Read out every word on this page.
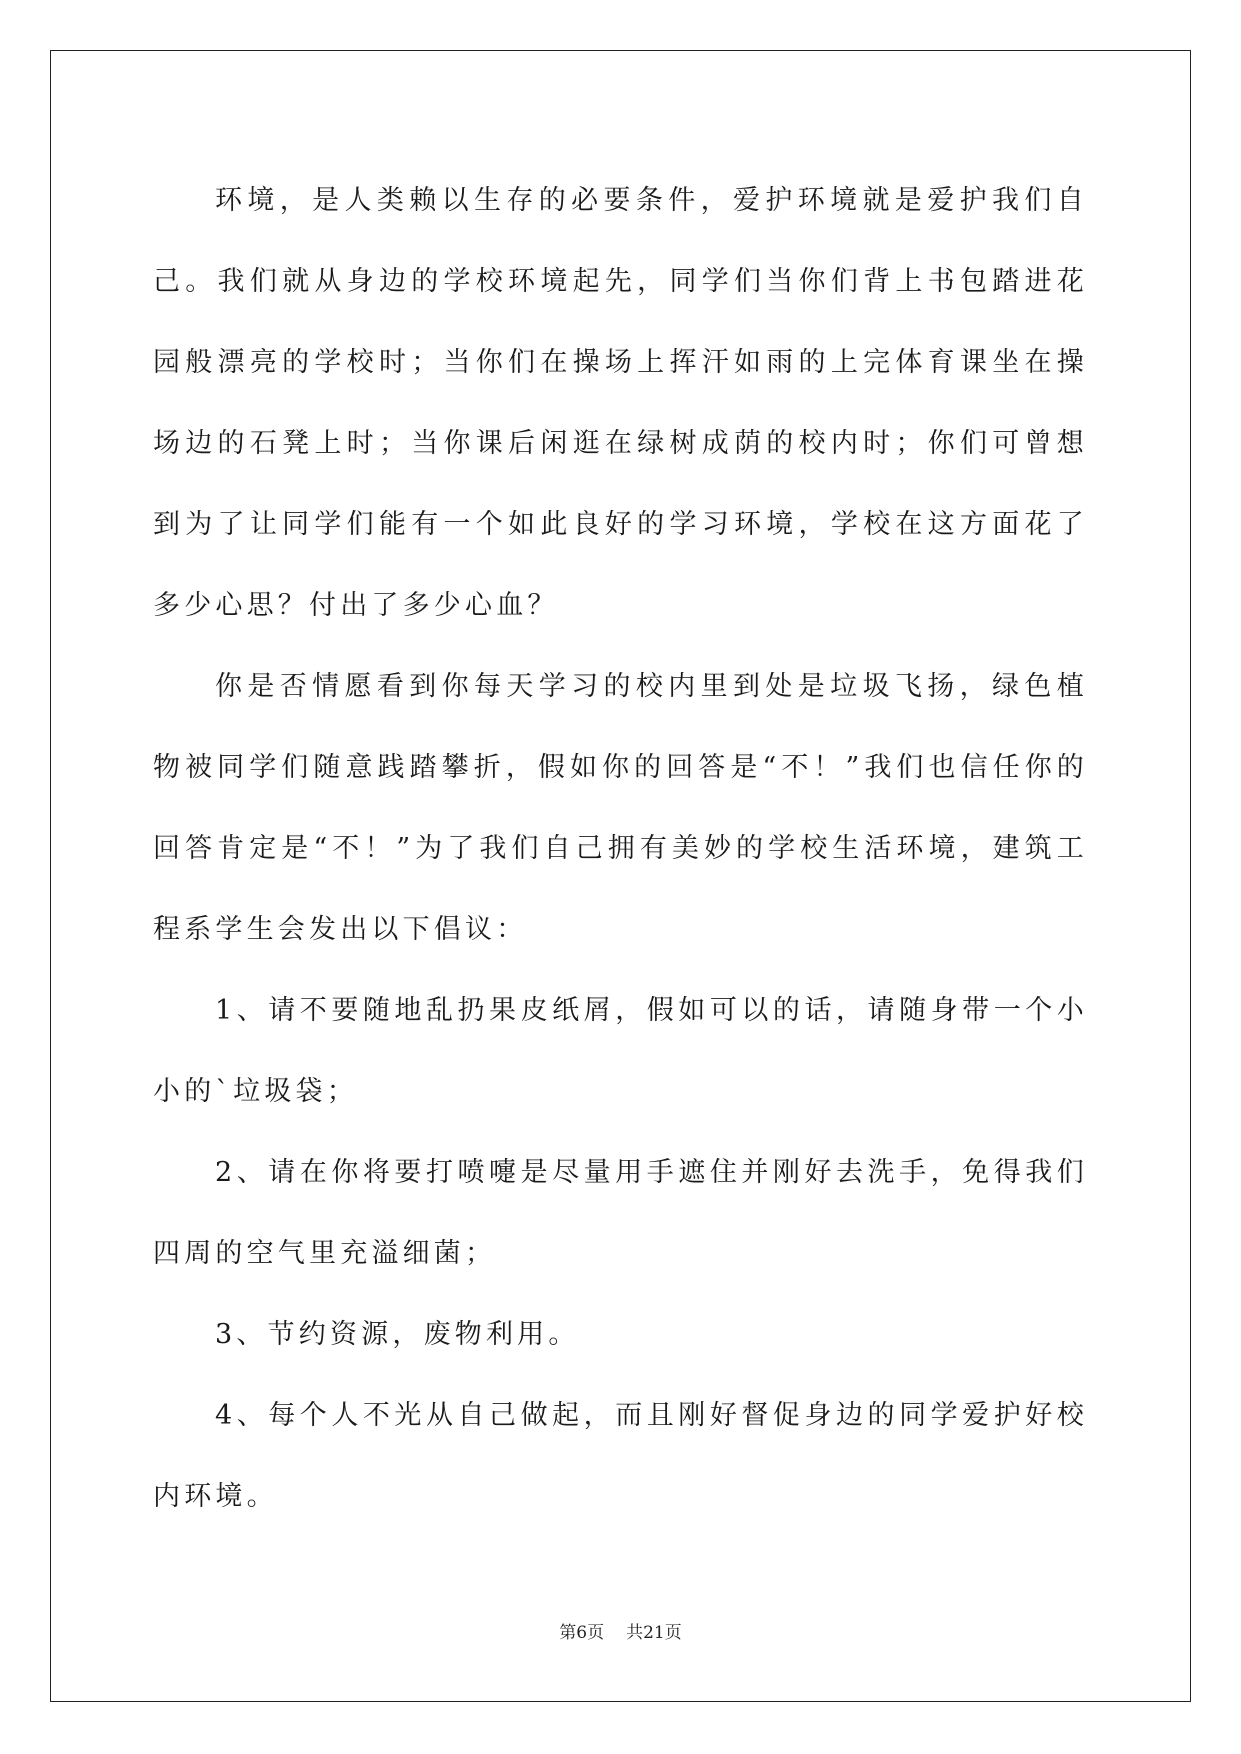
环境，是人类赖以生存的必要条件，爱护环境就是爱护我们自己。我们就从身边的学校环境起先，同学们当你们背上书包踏进花园般漂亮的学校时；当你们在操场上挥汗如雨的上完体育课坐在操场边的石凳上时；当你课后闲逛在绿树成荫的校内时；你们可曾想到为了让同学们能有一个如此良好的学习环境，学校在这方面花了多少心思？付出了多少心血？

你是否情愿看到你每天学习的校内里到处是垃圾飞扬，绿色植物被同学们随意践踏攀折，假如你的回答是“不！”我们也信任你的回答肯定是“不！”为了我们自己拥有美妙的学校生活环境，建筑工程系学生会发出以下倡议：

1、请不要随地乱扔果皮纸屑，假如可以的话，请随身带一个小小的`垃圾袋；

2、请在你将要打喷嚏是尽量用手遮住并刚好去洗手，免得我们四周的空气里充溢细菌；

3、节约资源，废物利用。

4、每个人不光从自己做起，而且刚好督促身边的同学爱护好校内环境。

第6页 共21页
